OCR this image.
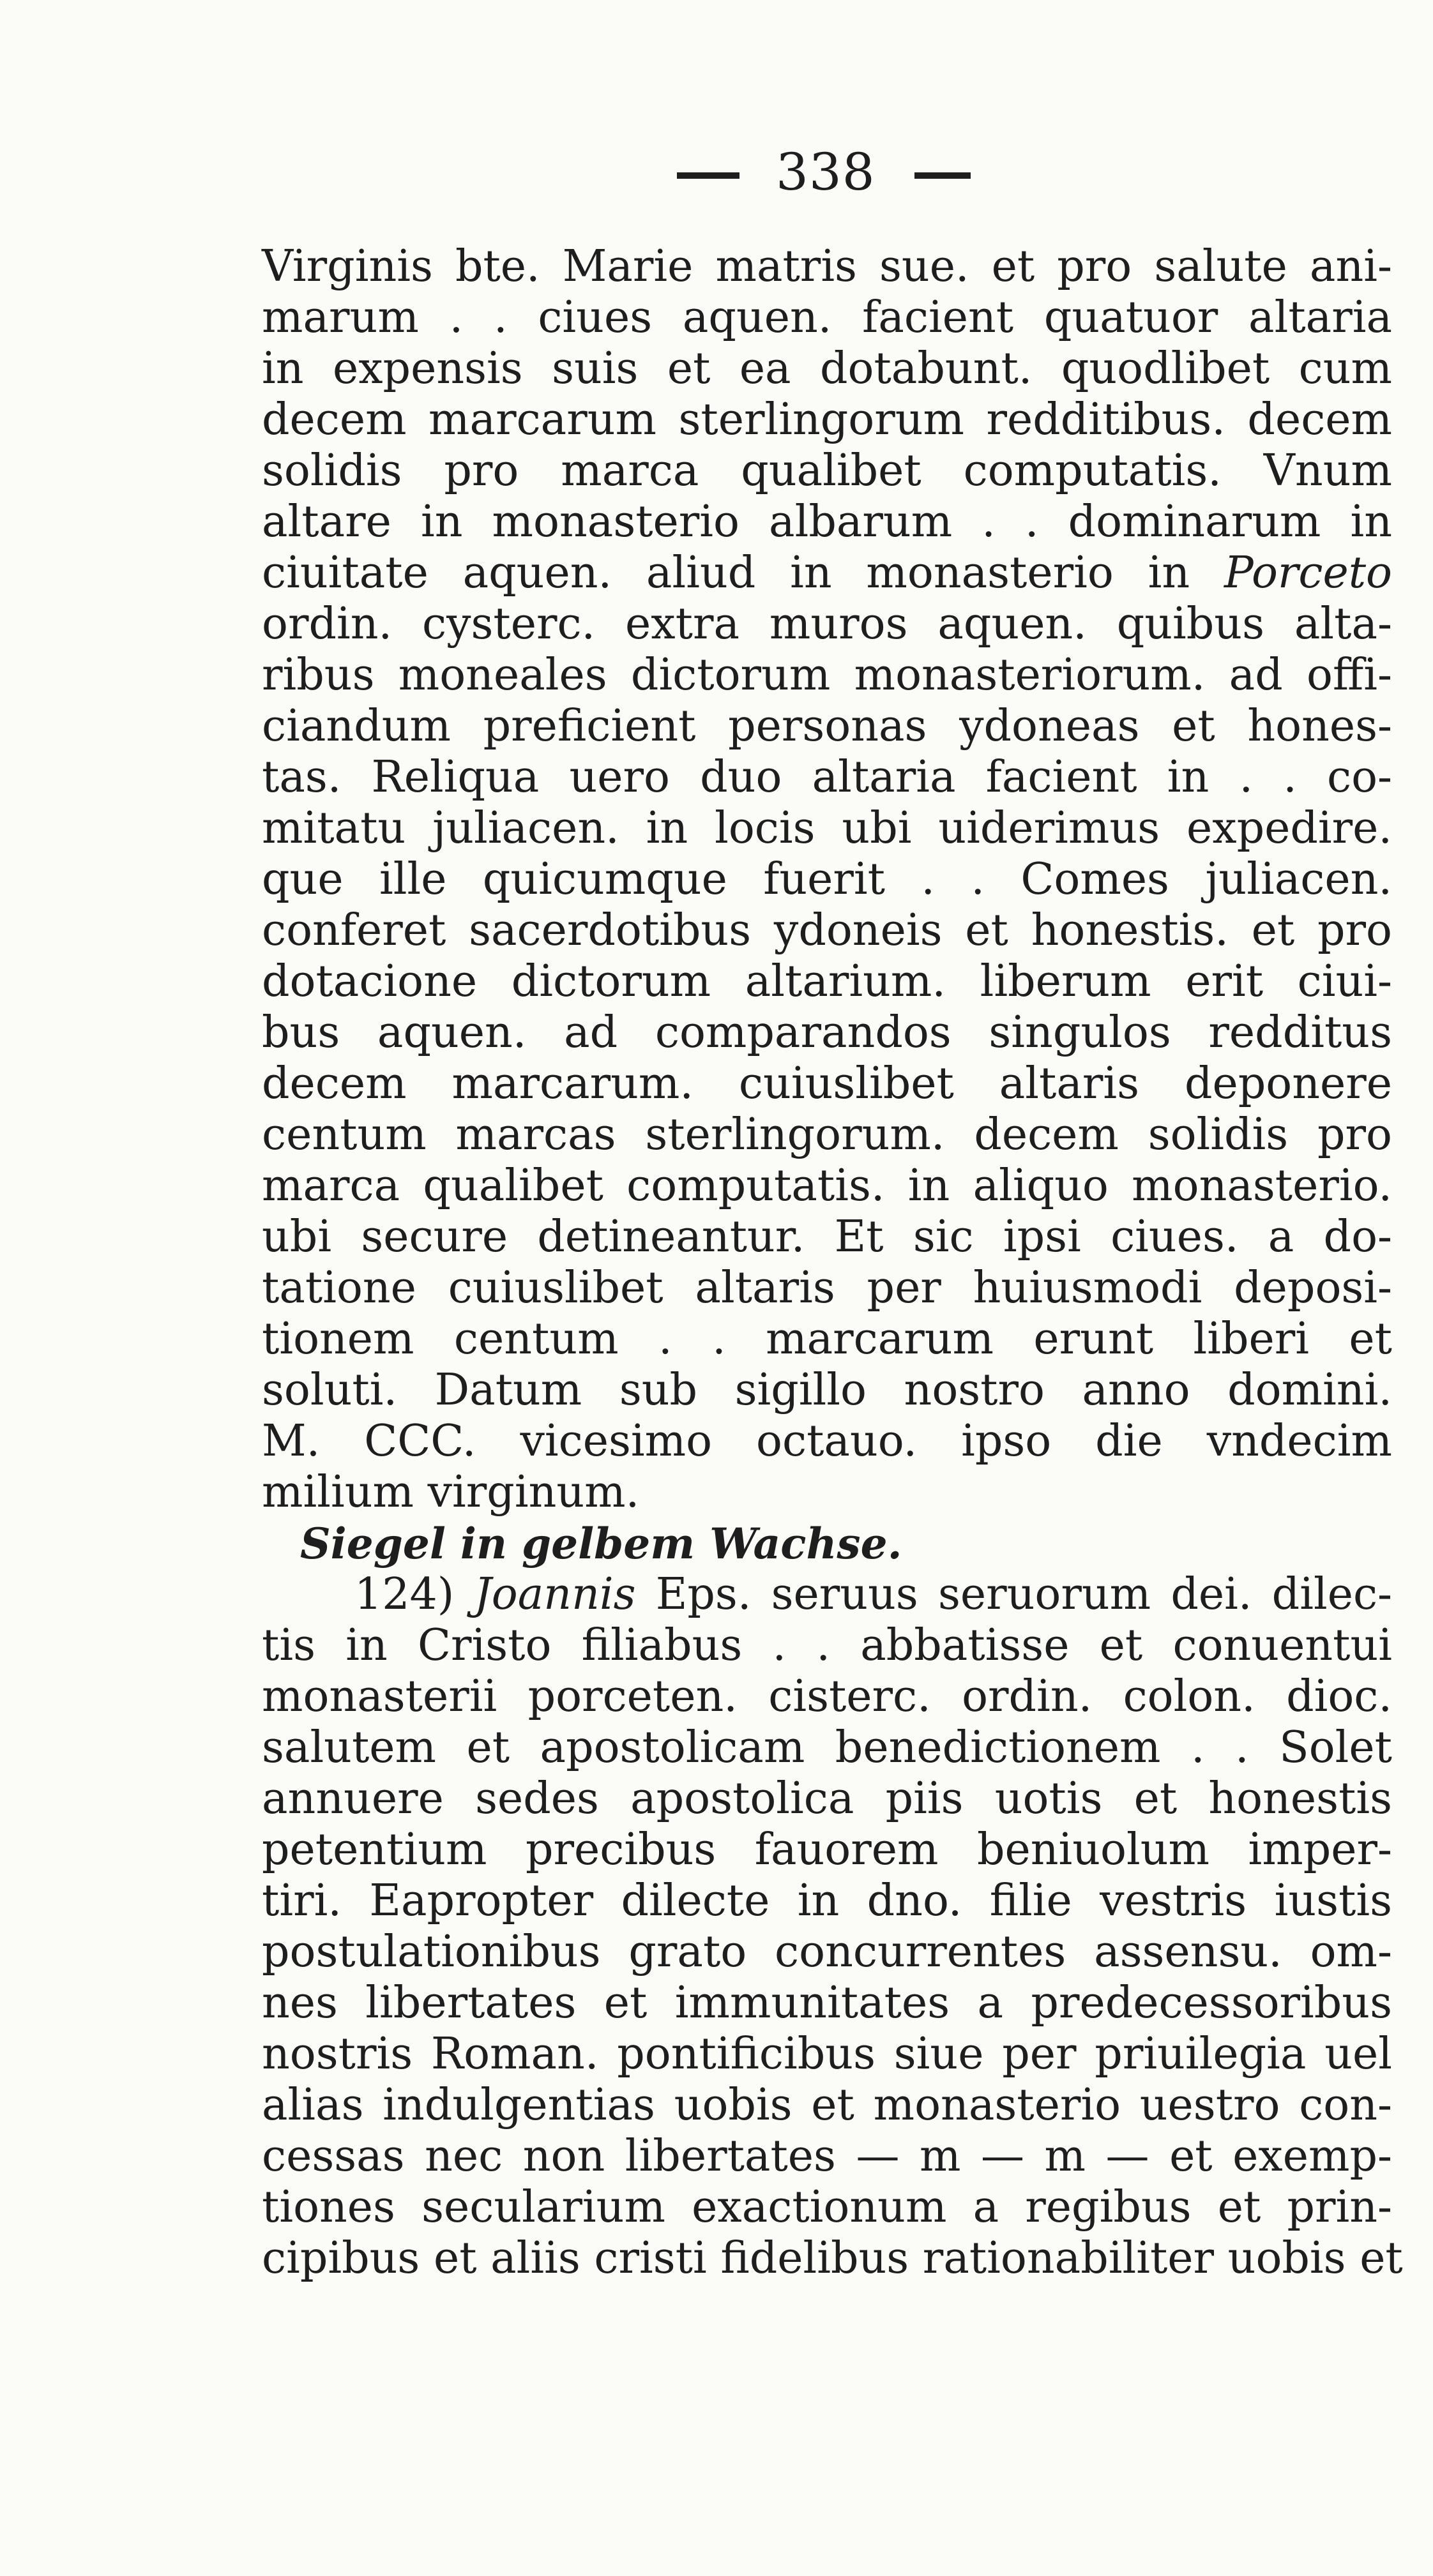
338
Virginis bte. Marie matris sue. et pro salute ani-
marum . . ciues aquen. facient quatuor altaria
in expensis suis et ea dotabunt. quodlibet cum
decem marcarum sterlingorum redditibus. decem
solidis pro marca qualibet computatis. Vnum
altare in monasterio albarum . . dominarum in
ciuitate aquen. aliud in monasterio in Porceto
ordin. cysterc. extra muros aquen. quibus alta-
ribus moneales dictorum monasteriorum. ad offi-
ciandum preficient personas ydoneas et hones-
tas. Reliqua uero duo altaria facient in . . co-
mitatu juliacen. in locis ubi uiderimus expedire.
que ille quicumque fuerit . . Comes juliacen.
conferet sacerdotibus ydoneis et honestis. et pro
dotacione dictorum altarium. liberum erit ciui-
bus aquen. ad comparandos singulos redditus
decem marcarum. cuiuslibet altaris deponere
centum marcas sterlingorum. decem solidis pro
marca qualibet computatis. in aliquo monasterio.
ubi secure detineantur. Et sic ipsi ciues. a do-
tatione cuiuslibet altaris per huiusmodi deposi-
tionem centum . . marcarum erunt liberi et
soluti. Datum sub sigillo nostro anno domini.
M. CCC. vicesimo octauo. ipso die vndecim
milium virginum.
Siegel in gelbem Wachse.
124) Joannis Eps. seruus seruorum dei. dilec-
tis in Cristo filiabus . . abbatisse et conuentui
monasterii porceten. cisterc. ordin. colon. dioc.
salutem et apostolicam benedictionem . . Solet
annuere sedes apostolica piis uotis et honestis
petentium precibus fauorem beniuolum imper-
tiri. Eapropter dilecte in dno. filie vestris iustis
postulationibus grato concurrentes assensu. om-
nes libertates et immunitates a predecessoribus
nostris Roman. pontificibus siue per priuilegia uel
alias indulgentias uobis et monasterio uestro con-
cessas nec non libertates — m — m — et exemp-
tiones secularium exactionum a regibus et prin-
cipibus et aliis cristi fidelibus rationabiliter uobis et
